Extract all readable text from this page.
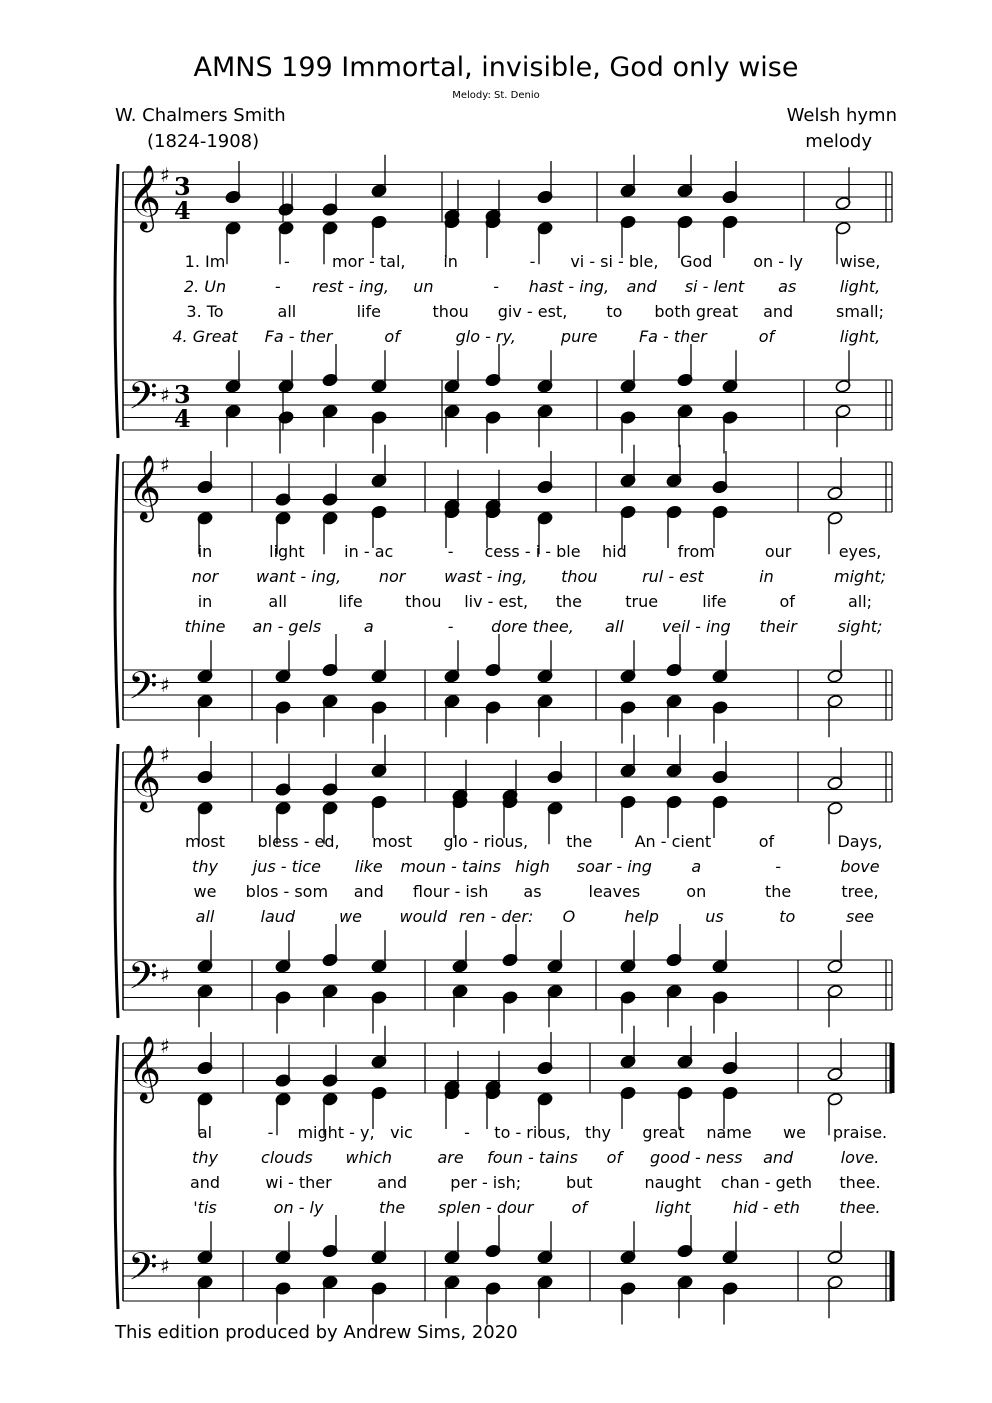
AMNS 199 Immortal, invisible, God only wise
Melody: St. Denio
W. Chalmers Smith
(1824-1908)
Welsh hymn
melody
𝄞
𝄢
♯
♯
3
4
3
4
1. Im	-	mor - tal, in	- vi - si - ble, God	on - ly wise,
2. Un	- rest - ing, un	- hast - ing, and si - lent as	light,
3. To	all	life	thou giv - est, to both great and	small;
4. Great Fa - ther	of	glo - ry,	pure	Fa - ther	of	light,
𝄞
𝄢
♯
♯
in	light in - ac	- cess - i - ble hid	from	our	eyes,
nor want - ing, nor wast - ing, thou	rul - est	in	might;
in	all	life	thou liv - est, the	true	life	of	all;
thine an - gels	a	- dore thee, all veil - ing their	sight;
𝄞
𝄢
♯
♯
most bless - ed, most glo - rious, the	An - cient	of	Days,
thy jus - tice like moun - tains high soar - ing a	-	bove
we blos - som and flour - ish as	leaves	on	the	tree,
all	laud	we would ren - der: O	help	us	to	see
𝄞
𝄢
♯
♯
al	- might - y, vic	- to - rious, thy great name we praise.
thy	clouds which	are foun - tains of good - ness and	love.
and	wi - ther	and	per - ish;	but	naught chan - geth thee.
'tis	on - ly	the splen - dour of	light	hid - eth thee.
This edition produced by Andrew Sims, 2020
